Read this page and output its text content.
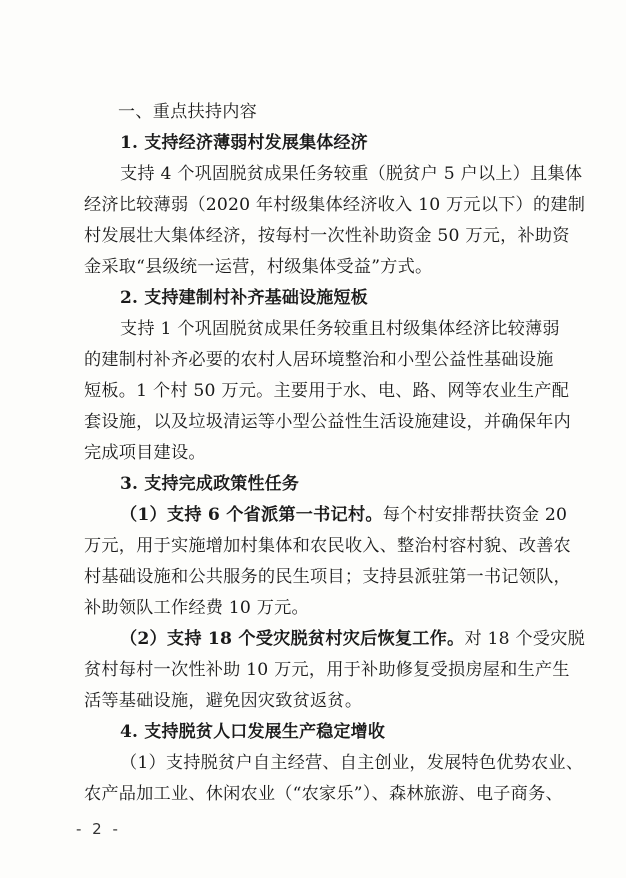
一、重点扶持内容
1. 支持经济薄弱村发展集体经济
支持 4 个巩固脱贫成果任务较重（脱贫户 5 户以上）且集体
经济比较薄弱（2020 年村级集体经济收入 10 万元以下）的建制
村发展壮大集体经济，按每村一次性补助资金 50 万元，补助资
金采取“县级统一运营，村级集体受益”方式。
2. 支持建制村补齐基础设施短板
支持 1 个巩固脱贫成果任务较重且村级集体经济比较薄弱
的建制村补齐必要的农村人居环境整治和小型公益性基础设施
短板。1 个村 50 万元。主要用于水、电、路、网等农业生产配
套设施，以及垃圾清运等小型公益性生活设施建设，并确保年内
完成项目建设。
3. 支持完成政策性任务
（1）支持 6 个省派第一书记村。每个村安排帮扶资金 20
万元，用于实施增加村集体和农民收入、整治村容村貌、改善农
村基础设施和公共服务的民生项目；支持县派驻第一书记领队，
补助领队工作经费 10 万元。
（2）支持 18 个受灾脱贫村灾后恢复工作。对 18 个受灾脱
贫村每村一次性补助 10 万元，用于补助修复受损房屋和生产生
活等基础设施，避免因灾致贫返贫。
4. 支持脱贫人口发展生产稳定增收
（1）支持脱贫户自主经营、自主创业，发展特色优势农业、
农产品加工业、休闲农业（“农家乐”）、森林旅游、电子商务、
- 2 -
